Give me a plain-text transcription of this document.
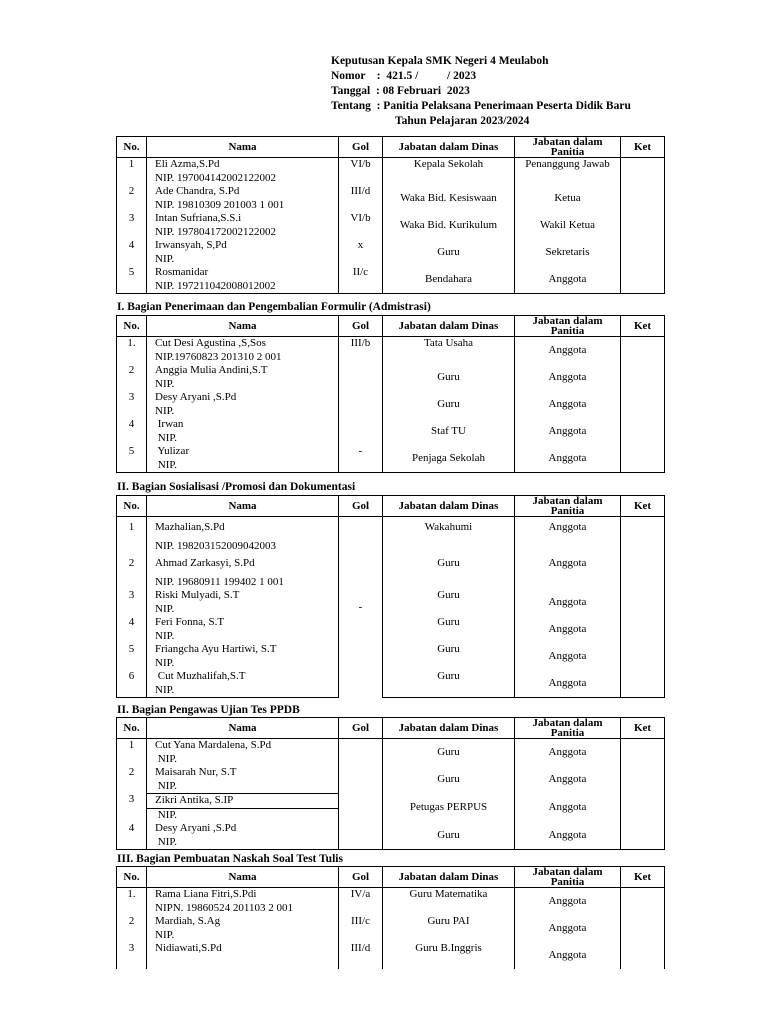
Keputusan Kepala SMK Negeri 4 Meulaboh
Nomor    :  421.5 /          / 2023
Tanggal  : 08 Februari  2023
Tentang  : Panitia Pelaksana Penerimaan Peserta Didik Baru
Tahun Pelajaran 2023/2024
No.	Nama	Gol	Jabatan dalam Dinas	Jabatan dalam Panitia	Ket
1	Eli Azma,S.Pd

NIP. 197004142002122002	VI/b	Kepala Sekolah	Penanggung Jawab	
2	Ade Chandra, S.Pd

NIP. 19810309 201003 1 001	III/d	Waka Bid. Kesiswaan	Ketua	
3	Intan Sufriana,S.S.i

NIP. 197804172002122002	VI/b	Waka Bid. Kurikulum	Wakil Ketua	
4	Irwansyah, S,Pd

NIP.	x	Guru	Sekretaris	
5	Rosmanidar

NIP. 197211042008012002	II/c	Bendahara	Anggota	
I. Bagian Penerimaan dan Pengembalian Formulir (Admistrasi)
No.	Nama	Gol	Jabatan dalam Dinas	Jabatan dalam Panitia	Ket
1.	Cut Desi Agustina ,S,Sos

NIP.19760823 201310 2 001	III/b	Tata Usaha	Anggota	
2	Anggia Mulia Andini,S.T

NIP.		Guru	Anggota	
3	Desy Aryani ,S.Pd

NIP.		Guru	Anggota	
4	Irwan

NIP.		Staf TU	Anggota	
5	Yulizar

NIP.	-	Penjaga Sekolah	Anggota	
II. Bagian Sosialisasi /Promosi dan Dokumentasi
No.	Nama	Gol	Jabatan dalam Dinas	Jabatan dalam Panitia	Ket
1	Mazhalian,S.Pd

NIP. 198203152009042003	-	Wakahumi	Anggota	
2	Ahmad Zarkasyi, S.Pd

NIP. 19680911 199402 1 001		Guru	Anggota	
3	Riski Mulyadi, S.T

NIP.		Guru	Anggota	
4	Feri Fonna, S.T

NIP.		Guru	Anggota	
5	Friangcha Ayu Hartiwi, S.T

NIP.		Guru	Anggota	
6	Cut Muzhalifah,S.T

NIP.		Guru	Anggota	
II. Bagian Pengawas Ujian Tes PPDB
No.	Nama	Gol	Jabatan dalam Dinas	Jabatan dalam Panitia	Ket
1	Cut Yana Mardalena, S.Pd

NIP.		Guru	Anggota	
2	Maisarah Nur, S.T

NIP.		Guru	Anggota	
3	Zikri Antika, S.IP
NIP.		Petugas PERPUS	Anggota	
4	Desy Aryani ,S.Pd

NIP.		Guru	Anggota	
III. Bagian Pembuatan Naskah Soal Test Tulis
No.	Nama	Gol	Jabatan dalam Dinas	Jabatan dalam Panitia	Ket
1.	Rama Liana Fitri,S.Pdi

NIPN. 19860524 201103 2 001	IV/a	Guru Matematika	Anggota	
2	Mardiah, S.Ag

NIP.	III/c	Guru PAI	Anggota	
3	Nidiawati,S.Pd	III/d	Guru B.Inggris	Anggota	
